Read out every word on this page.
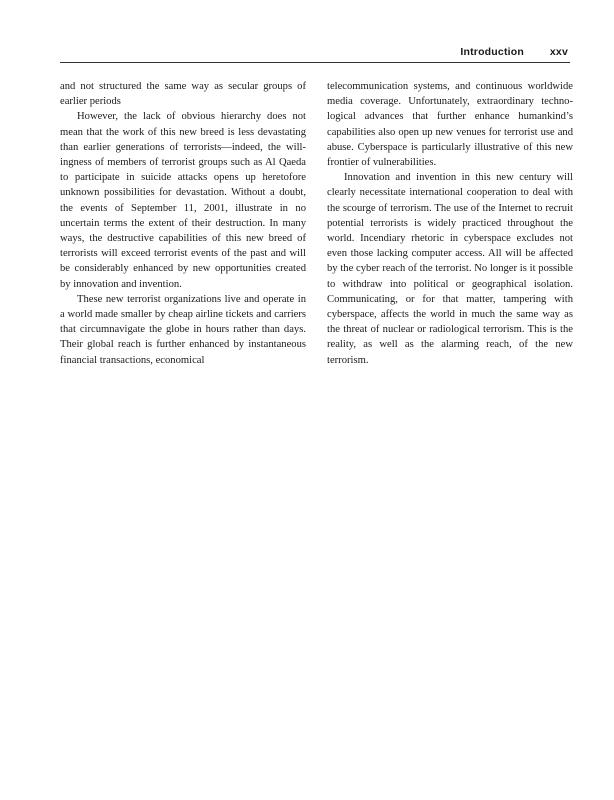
Introduction xxv

and not structured the same way as secular groups of earlier periods

However, the lack of obvious hierarchy does not mean that the work of this new breed is less devastating than earlier generations of terrorists—indeed, the willingness of members of terrorist groups such as Al Qaeda to participate in suicide attacks opens up heretofore unknown possibilities for devastation. Without a doubt, the events of September 11, 2001, illustrate in no uncertain terms the extent of their destruction. In many ways, the destructive capabilities of this new breed of terrorists will exceed terrorist events of the past and will be considerably enhanced by new opportunities created by innovation and invention.

These new terrorist organizations live and operate in a world made smaller by cheap airline tickets and carriers that circumnavigate the globe in hours rather than days. Their global reach is further enhanced by instantaneous financial transactions, economical

telecommunication systems, and continuous worldwide media coverage. Unfortunately, extraordinary technological advances that further enhance humankind’s capabilities also open up new venues for terrorist use and abuse. Cyberspace is particularly illustrative of this new frontier of vulnerabilities.

Innovation and invention in this new century will clearly necessitate international cooperation to deal with the scourge of terrorism. The use of the Internet to recruit potential terrorists is widely practiced throughout the world. Incendiary rhetoric in cyberspace excludes not even those lacking computer access. All will be affected by the cyber reach of the terrorist. No longer is it possible to withdraw into political or geographical isolation. Communicating, or for that matter, tampering with cyberspace, affects the world in much the same way as the threat of nuclear or radiological terrorism. This is the reality, as well as the alarming reach, of the new terrorism.
